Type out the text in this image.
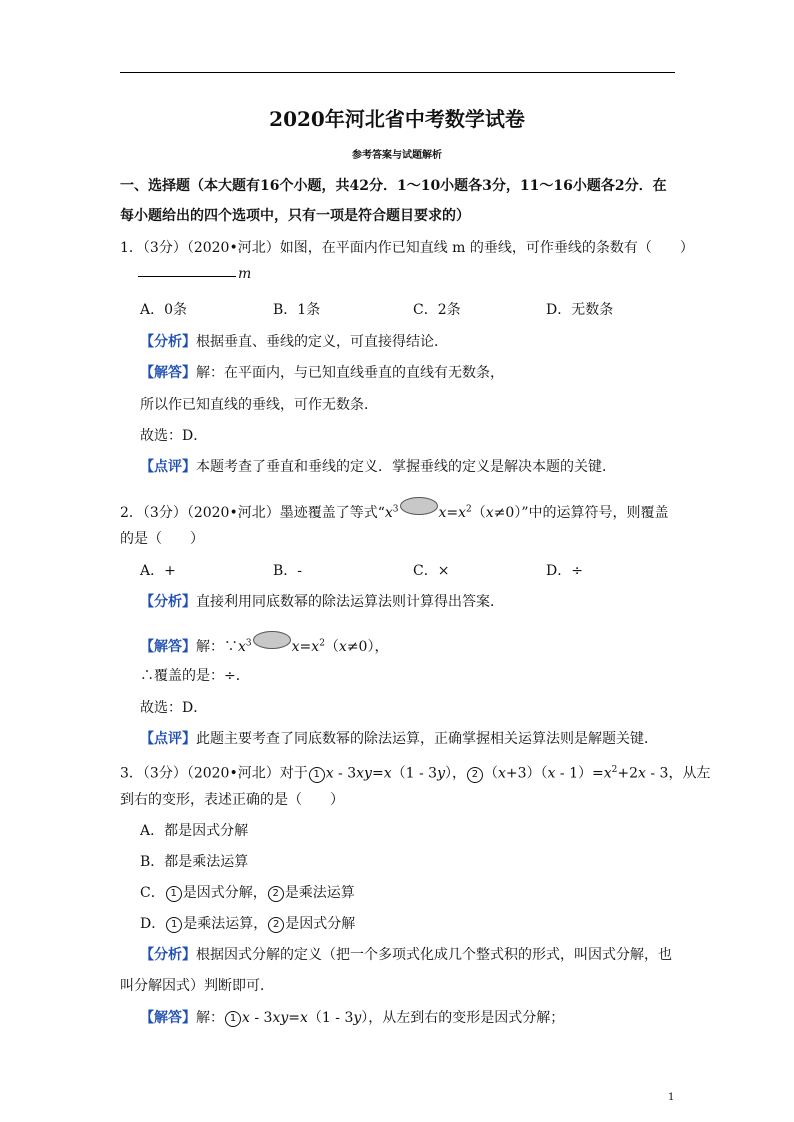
2020年河北省中考数学试卷
参考答案与试题解析
一、选择题（本大题有16个小题，共42分．1～10小题各3分，11～16小题各2分．在
每小题给出的四个选项中，只有一项是符合题目要求的）
1．（3分）（2020•河北）如图，在平面内作已知直线 m 的垂线，可作垂线的条数有（　　）
m
A．0条	B．1条	C．2条	D．无数条
【分析】根据垂直、垂线的定义，可直接得结论．
【解答】解：在平面内，与已知直线垂直的直线有无数条，
所以作已知直线的垂线，可作无数条．
故选：D．
【点评】本题考查了垂直和垂线的定义．掌握垂线的定义是解决本题的关键．
2．（3分）（2020•河北）墨迹覆盖了等式“$x^3$	$x=x^2(x\ne 0)$”中的运算符号，则覆盖
的是（　　）
A．+	B．-	C．×	D．÷
【分析】直接利用同底数幂的除法运算法则计算得出答案．
【解答】解：$\because x^3$	$x=x^2(x\ne 0)$，
∴覆盖的是：÷．
故选：D．
【点评】此题主要考查了同底数幂的除法运算，正确掌握相关运算法则是解题关键．
3．（3分）（2020•河北）对于 1 x - 3xy=x（1 - 3y）， 2 $(x+3)(x - 1)=x^2+2x - 3$，从左
到右的变形，表述正确的是（　　）
A．都是因式分解
B．都是乘法运算
C． 1 是因式分解， 2 是乘法运算
D． 1 是乘法运算， 2 是因式分解
【分析】根据因式分解的定义（把一个多项式化成几个整式积的形式，叫因式分解，也
叫分解因式）判断即可．
【解答】解： 1 x - 3xy=x（1 - 3y），从左到右的变形是因式分解；
1
